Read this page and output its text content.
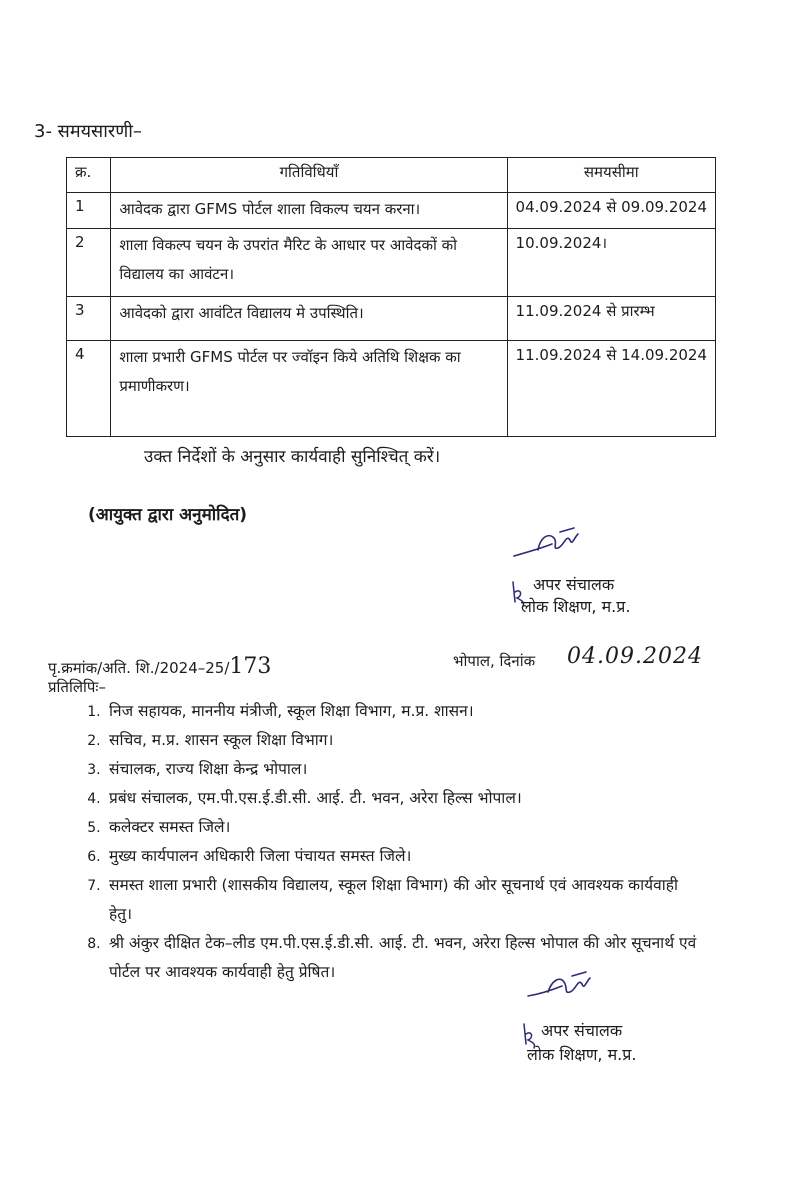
3- समयसारणी–
क्र.	गतिविधियाँ	समयसीमा
1	आवेदक द्वारा GFMS पोर्टल शाला विकल्प चयन करना।	04.09.2024 से 09.09.2024
2	शाला विकल्प चयन के उपरांत मैरिट के आधार पर आवेदकों को विद्यालय का आवंटन।	10.09.2024।
3	आवेदको द्वारा आवंटित विद्यालय मे उपस्थिति।	11.09.2024 से प्रारम्भ
4	शाला प्रभारी GFMS पोर्टल पर ज्वॉइन किये अतिथि शिक्षक का प्रमाणीकरण।	11.09.2024 से 14.09.2024
उक्त निर्देशों के अनुसार कार्यवाही सुनिश्चित् करें।
(आयुक्त द्वारा अनुमोदित)
अपर संचालक
लोक शिक्षण, म.प्र.
पृ.क्रमांक/अति. शि./2024–25/173	भोपाल, दिनांक 04.09.2024
प्रतिलिपिः–
1. निज सहायक, माननीय मंत्रीजी, स्कूल शिक्षा विभाग, म.प्र. शासन।
2. सचिव, म.प्र. शासन स्कूल शिक्षा विभाग।
3. संचालक, राज्य शिक्षा केन्द्र भोपाल।
4. प्रबंध संचालक, एम.पी.एस.ई.डी.सी. आई. टी. भवन, अरेरा हिल्स भोपाल।
5. कलेक्टर समस्त जिले।
6. मुख्य कार्यपालन अधिकारी जिला पंचायत समस्त जिले।
7. समस्त शाला प्रभारी (शासकीय विद्यालय, स्कूल शिक्षा विभाग) की ओर सूचनार्थ एवं आवश्यक कार्यवाही हेतु।
8. श्री अंकुर दीक्षित टेक–लीड एम.पी.एस.ई.डी.सी. आई. टी. भवन, अरेरा हिल्स भोपाल की ओर सूचनार्थ एवं पोर्टल पर आवश्यक कार्यवाही हेतु प्रेषित।
अपर संचालक
लोक शिक्षण, म.प्र.
